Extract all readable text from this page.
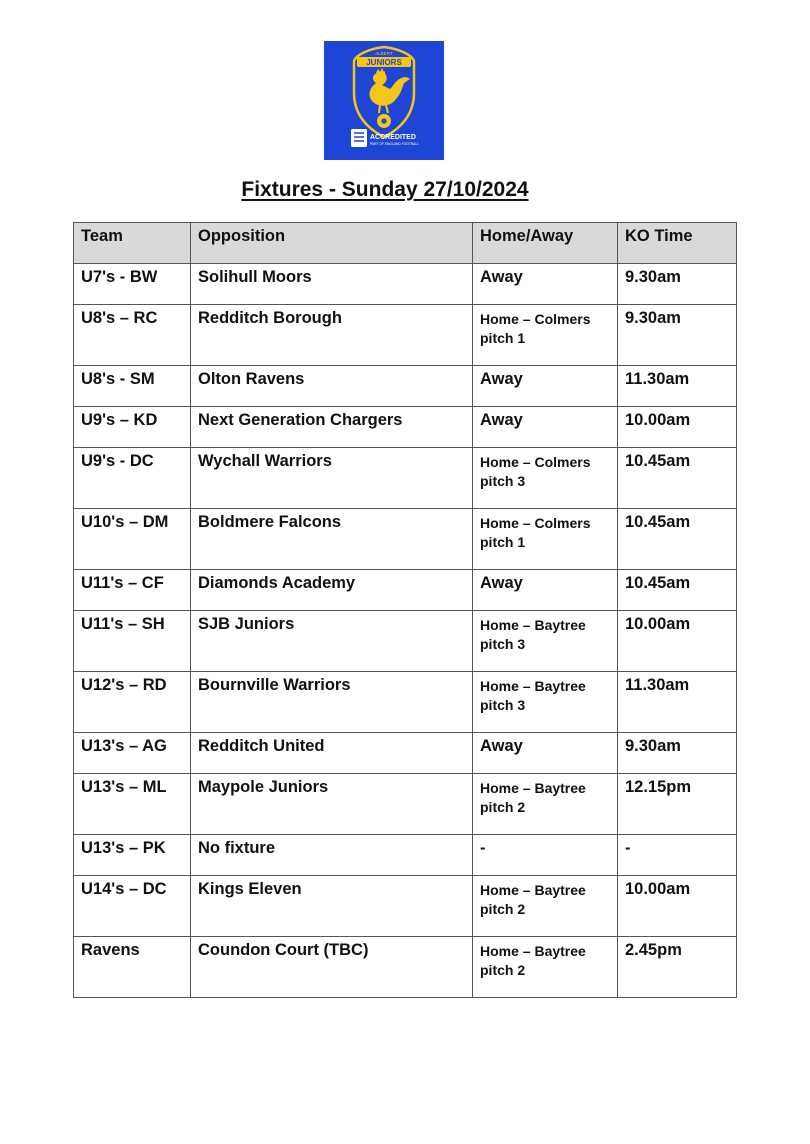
ALBERT
JUNIORS
ACCREDITED
PART OF ENGLAND FOOTBALL
Fixtures - Sunday 27/10/2024
Team	Opposition	Home/Away	KO Time
U7's - BW	Solihull Moors	Away	9.30am
U8's – RC	Redditch Borough	Home – Colmers pitch 1	9.30am
U8's - SM	Olton Ravens	Away	11.30am
U9's – KD	Next Generation Chargers	Away	10.00am
U9's - DC	Wychall Warriors	Home – Colmers pitch 3	10.45am
U10's – DM	Boldmere Falcons	Home – Colmers pitch 1	10.45am
U11's – CF	Diamonds Academy	Away	10.45am
U11's – SH	SJB Juniors	Home – Baytree pitch 3	10.00am
U12's – RD	Bournville Warriors	Home – Baytree pitch 3	11.30am
U13's – AG	Redditch United	Away	9.30am
U13's – ML	Maypole Juniors	Home – Baytree pitch 2	12.15pm
U13's – PK	No fixture	-	-
U14's – DC	Kings Eleven	Home – Baytree pitch 2	10.00am
Ravens	Coundon Court (TBC)	Home – Baytree pitch 2	2.45pm
